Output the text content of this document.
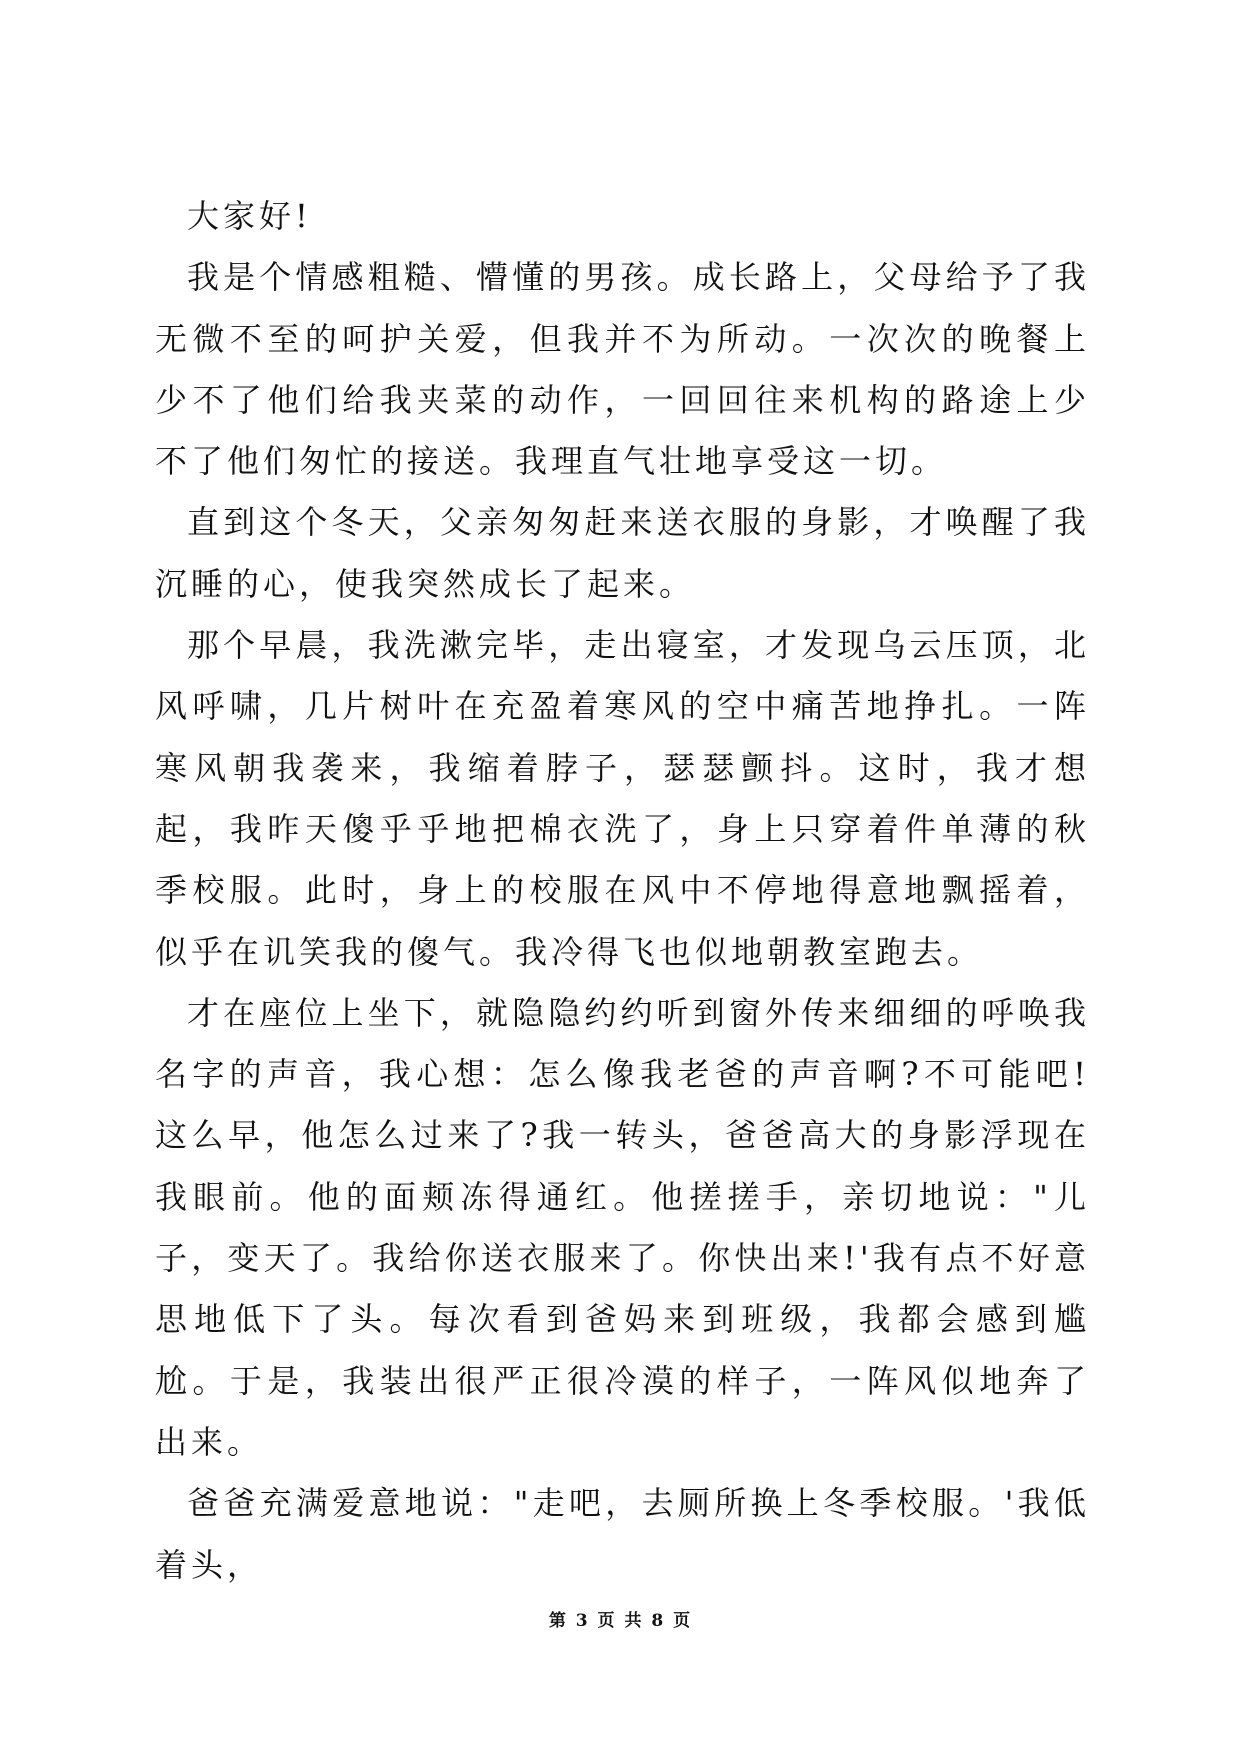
大家好!

我是个情感粗糙、懵懂的男孩。成长路上，父母给予了我无微不至的呵护关爱，但我并不为所动。一次次的晚餐上少不了他们给我夹菜的动作，一回回往来机构的路途上少不了他们匆忙的接送。我理直气壮地享受这一切。

直到这个冬天，父亲匆匆赶来送衣服的身影，才唤醒了我沉睡的心，使我突然成长了起来。

那个早晨，我洗漱完毕，走出寝室，才发现乌云压顶，北风呼啸，几片树叶在充盈着寒风的空中痛苦地挣扎。一阵寒风朝我袭来，我缩着脖子，瑟瑟颤抖。这时，我才想起，我昨天傻乎乎地把棉衣洗了，身上只穿着件单薄的秋季校服。此时，身上的校服在风中不停地得意地飘摇着，似乎在讥笑我的傻气。我冷得飞也似地朝教室跑去。

才在座位上坐下，就隐隐约约听到窗外传来细细的呼唤我名字的声音，我心想：怎么像我老爸的声音啊?不可能吧!这么早，他怎么过来了?我一转头，爸爸高大的身影浮现在我眼前。他的面颊冻得通红。他搓搓手，亲切地说："儿子，变天了。我给你送衣服来了。你快出来!'我有点不好意思地低下了头。每次看到爸妈来到班级，我都会感到尴尬。于是，我装出很严正很冷漠的样子，一阵风似地奔了出来。

爸爸充满爱意地说："走吧，去厕所换上冬季校服。'我低着头，

第 3 页 共 8 页
